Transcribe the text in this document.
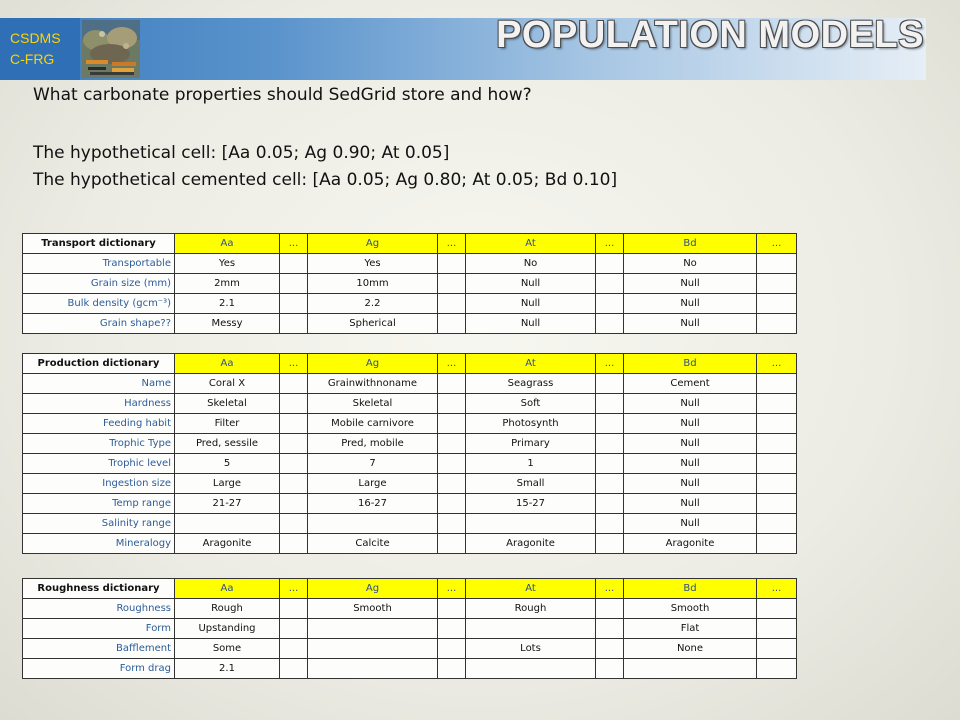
CSDMS
C-FRG
POPULATION MODELS
What carbonate properties should SedGrid store and how?
The hypothetical cell: [Aa 0.05; Ag 0.90; At 0.05]
The hypothetical cemented cell: [Aa 0.05; Ag 0.80; At 0.05; Bd 0.10]
Transport dictionary	Aa	...	Ag	...	At	...	Bd	...
Transportable	Yes		Yes		No		No	
Grain size (mm)	2mm		10mm		Null		Null	
Bulk density (gcm⁻³)	2.1		2.2		Null		Null	
Grain shape??	Messy		Spherical		Null		Null	
Production dictionary	Aa	...	Ag	...	At	...	Bd	...
Name	Coral X		Grainwithnoname		Seagrass		Cement	
Hardness	Skeletal		Skeletal		Soft		Null	
Feeding habit	Filter		Mobile carnivore		Photosynth		Null	
Trophic Type	Pred, sessile		Pred, mobile		Primary		Null	
Trophic level	5		7		1		Null	
Ingestion size	Large		Large		Small		Null	
Temp range	21-27		16-27		15-27		Null	
Salinity range							Null	
Mineralogy	Aragonite		Calcite		Aragonite		Aragonite	
Roughness dictionary	Aa	...	Ag	...	At	...	Bd	...
Roughness	Rough		Smooth		Rough		Smooth	
Form	Upstanding						Flat	
Bafflement	Some				Lots		None	
Form drag	2.1							
